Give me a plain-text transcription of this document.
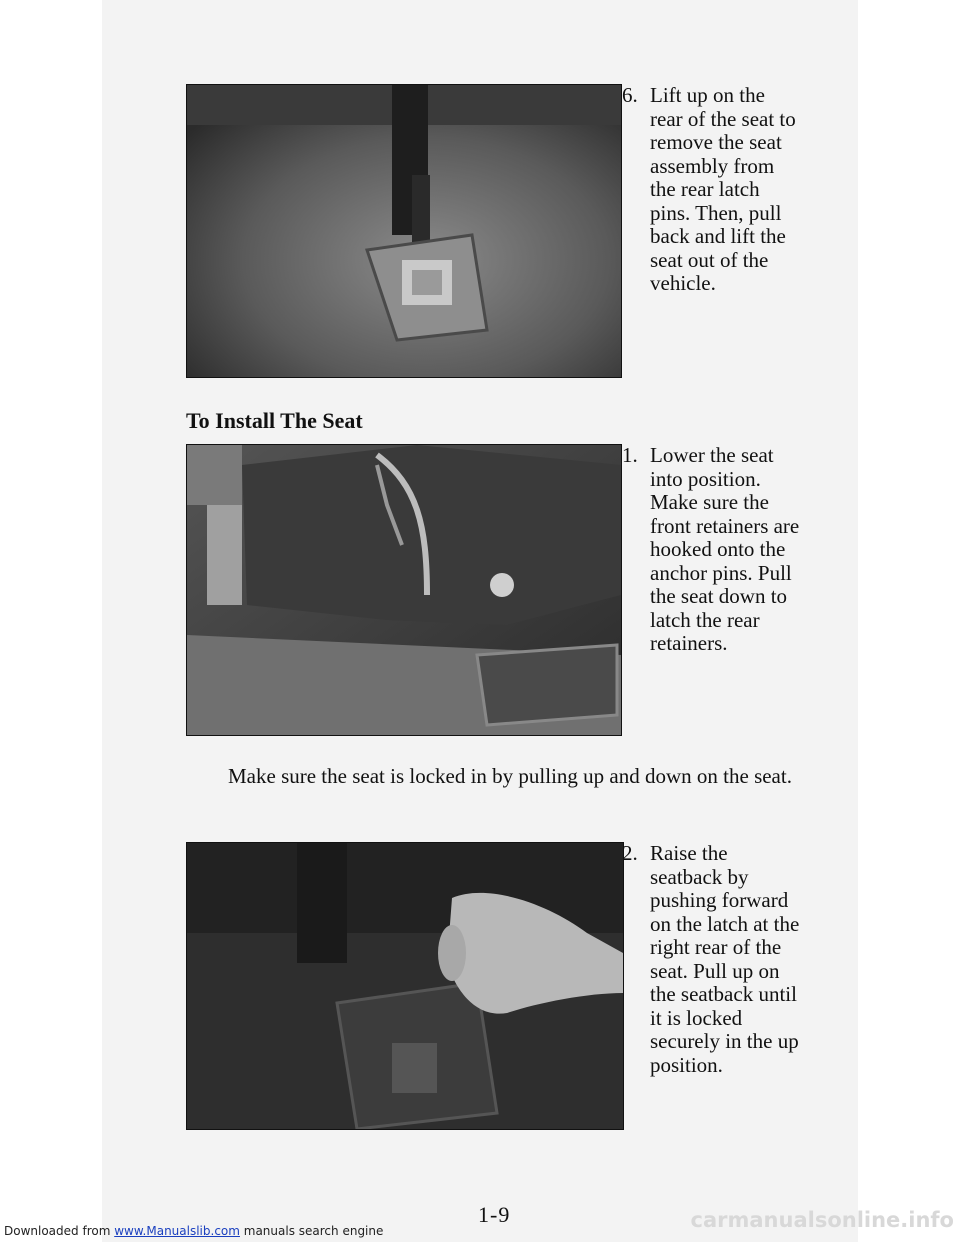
6. Lift up on the
rear of the seat to
remove the seat
assembly from
the rear latch
pins. Then, pull
back and lift the
seat out of the
vehicle.
To Install The Seat
1. Lower the seat
into position.
Make sure the
front retainers are
hooked onto the
anchor pins. Pull
the seat down to
latch the rear
retainers.
Make sure the seat is locked in by pulling up and down on the seat.
2. Raise the
seatback by
pushing forward
on the latch at the
right rear of the
seat. Pull up on
the seatback until
it is locked
securely in the up
position.
1-9
Downloaded from www.Manualslib.com manuals search engine	carmanualsonline.info
